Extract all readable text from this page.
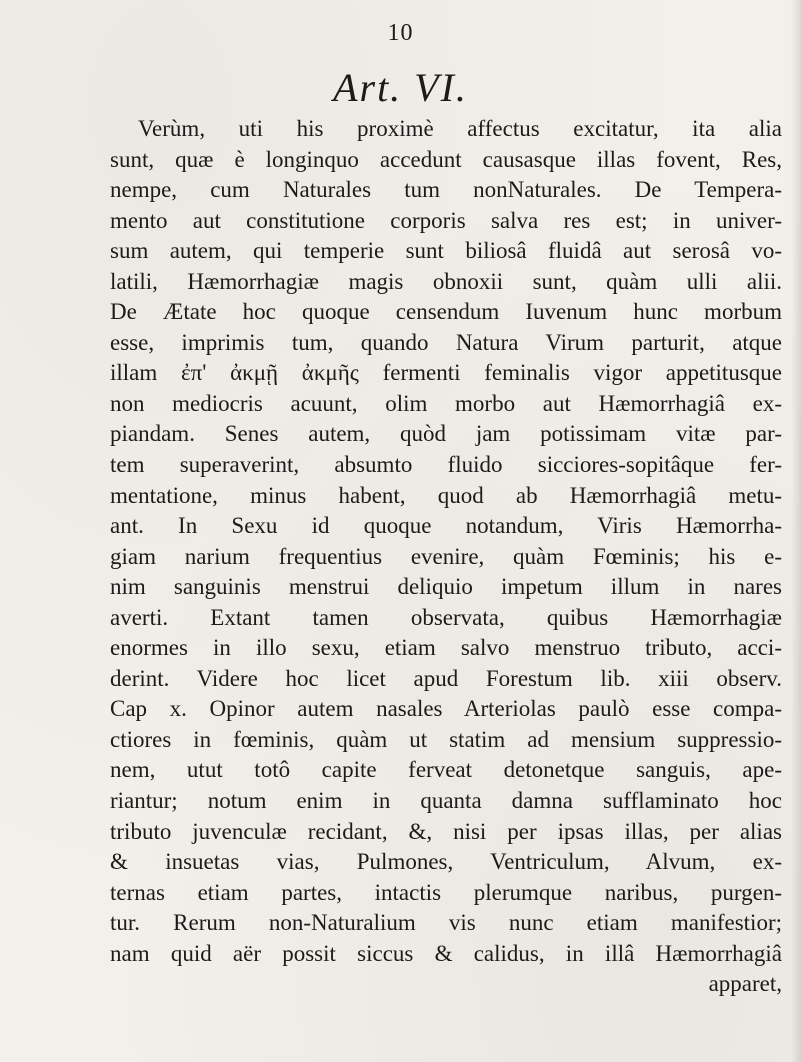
10
Art. VI.
Verùm, uti his proximè affectus excitatur, ita alia
sunt, quæ è longinquo accedunt causasque illas fovent, Res,
nempe, cum Naturales tum nonNaturales. De Tempera-
mento aut constitutione corporis salva res est; in univer-
sum autem, qui temperie sunt biliosâ fluidâ aut serosâ vo-
latili, Hæmorrhagiæ magis obnoxii sunt, quàm ulli alii.
De Ætate hoc quoque censendum Iuvenum hunc morbum
esse, imprimis tum, quando Natura Virum parturit, atque
illam ἐπ' ἀκμῇ ἀκμῆς fermenti feminalis vigor appetitusque
non mediocris acuunt, olim morbo aut Hæmorrhagiâ ex-
piandam. Senes autem, quòd jam potissimam vitæ par-
tem superaverint, absumto fluido sicciores-sopitâque fer-
mentatione, minus habent, quod ab Hæmorrhagiâ metu-
ant. In Sexu id quoque notandum, Viris Hæmorrha-
giam narium frequentius evenire, quàm Fœminis; his e-
nim sanguinis menstrui deliquio impetum illum in nares
averti. Extant tamen observata, quibus Hæmorrhagiæ
enormes in illo sexu, etiam salvo menstruo tributo, acci-
derint. Videre hoc licet apud Forestum lib. xiii observ.
Cap x. Opinor autem nasales Arteriolas paulò esse compa-
ctiores in fœminis, quàm ut statim ad mensium suppressio-
nem, utut totô capite ferveat detonetque sanguis, ape-
riantur; notum enim in quanta damna sufflaminato hoc
tributo juvenculæ recidant, &, nisi per ipsas illas, per alias
& insuetas vias, Pulmones, Ventriculum, Alvum, ex-
ternas etiam partes, intactis plerumque naribus, purgen-
tur. Rerum non-Naturalium vis nunc etiam manifestior;
nam quid aër possit siccus & calidus, in illâ Hæmorrhagiâ
apparet,
